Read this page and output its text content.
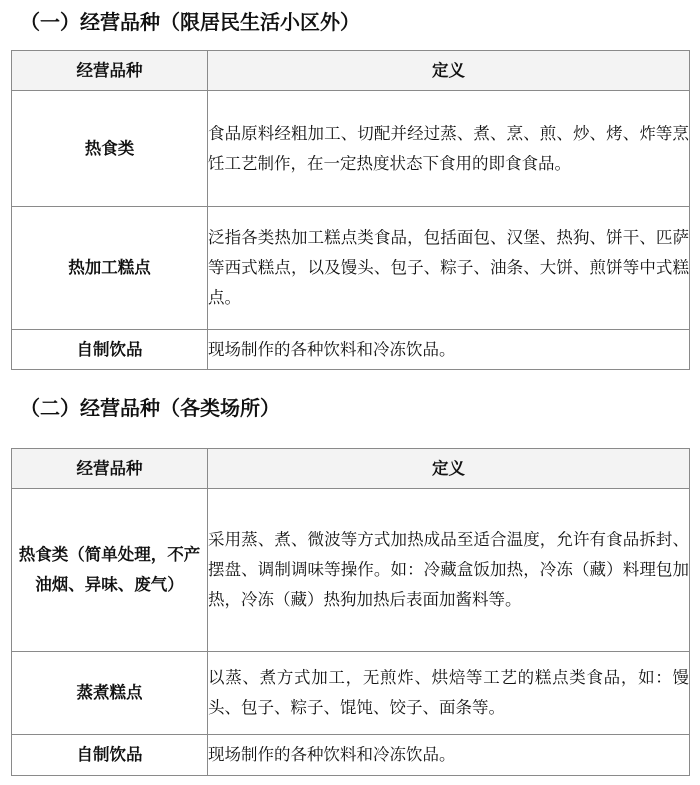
（一）经营品种（限居民生活小区外）
经营品种	定义
热食类	食品原料经粗加工、切配并经过蒸、煮、烹、煎、炒、烤、炸等烹饪工艺制作，在一定热度状态下食用的即食食品。
热加工糕点	泛指各类热加工糕点类食品，包括面包、汉堡、热狗、饼干、匹萨等西式糕点，以及馒头、包子、粽子、油条、大饼、煎饼等中式糕点。
自制饮品	现场制作的各种饮料和冷冻饮品。
（二）经营品种（各类场所）
经营品种	定义
热食类（简单处理，不产油烟、异味、废气）	采用蒸、煮、微波等方式加热成品至适合温度，允许有食品拆封、摆盘、调制调味等操作。如：冷藏盒饭加热，冷冻（藏）料理包加热，冷冻（藏）热狗加热后表面加酱料等。
蒸煮糕点	以蒸、煮方式加工，无煎炸、烘焙等工艺的糕点类食品，如：馒头、包子、粽子、馄饨、饺子、面条等。
自制饮品	现场制作的各种饮料和冷冻饮品。
